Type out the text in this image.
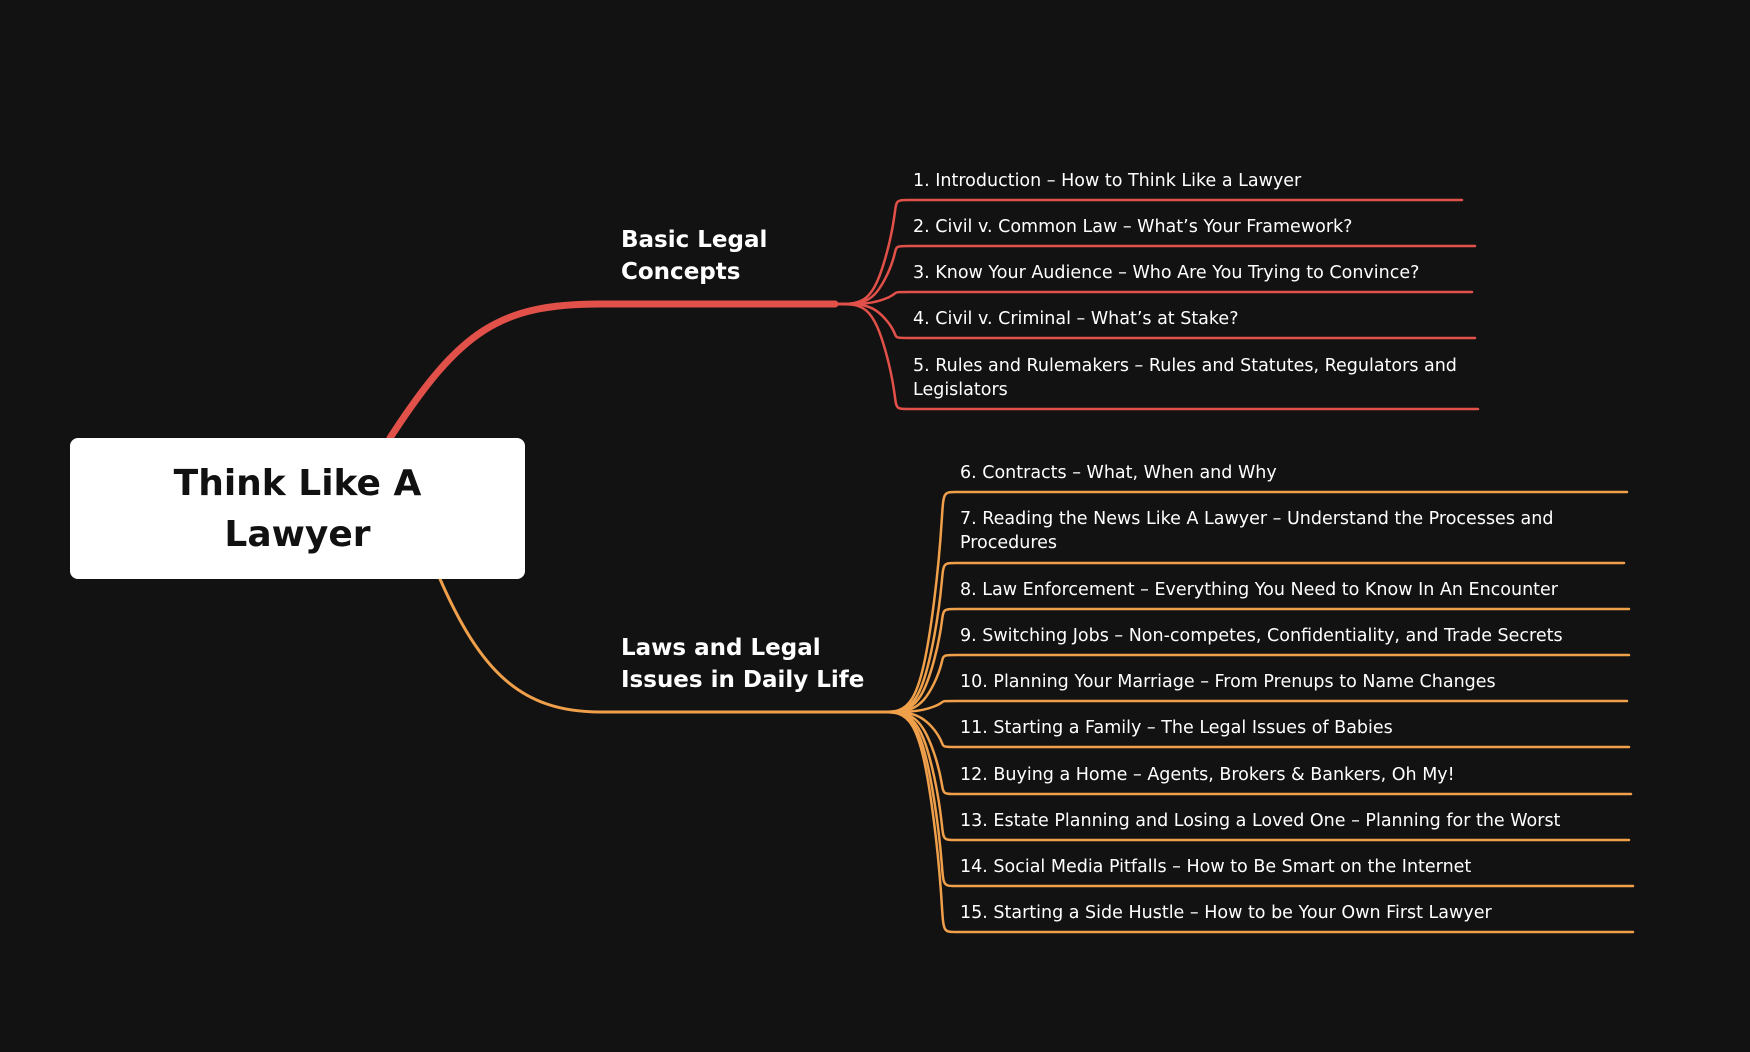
Think Like A Lawyer
Basic Legal Concepts
Laws and Legal Issues in Daily Life
1. Introduction – How to Think Like a Lawyer
2. Civil v. Common Law – What’s Your Framework?
3. Know Your Audience – Who Are You Trying to Convince?
4. Civil v. Criminal – What’s at Stake?
5. Rules and Rulemakers – Rules and Statutes, Regulators and Legislators
6. Contracts – What, When and Why
7. Reading the News Like A Lawyer – Understand the Processes and Procedures
8. Law Enforcement – Everything You Need to Know In An Encounter
9. Switching Jobs – Non-competes, Confidentiality, and Trade Secrets
10. Planning Your Marriage – From Prenups to Name Changes
11. Starting a Family – The Legal Issues of Babies
12. Buying a Home – Agents, Brokers & Bankers, Oh My!
13. Estate Planning and Losing a Loved One – Planning for the Worst
14. Social Media Pitfalls – How to Be Smart on the Internet
15. Starting a Side Hustle – How to be Your Own First Lawyer
